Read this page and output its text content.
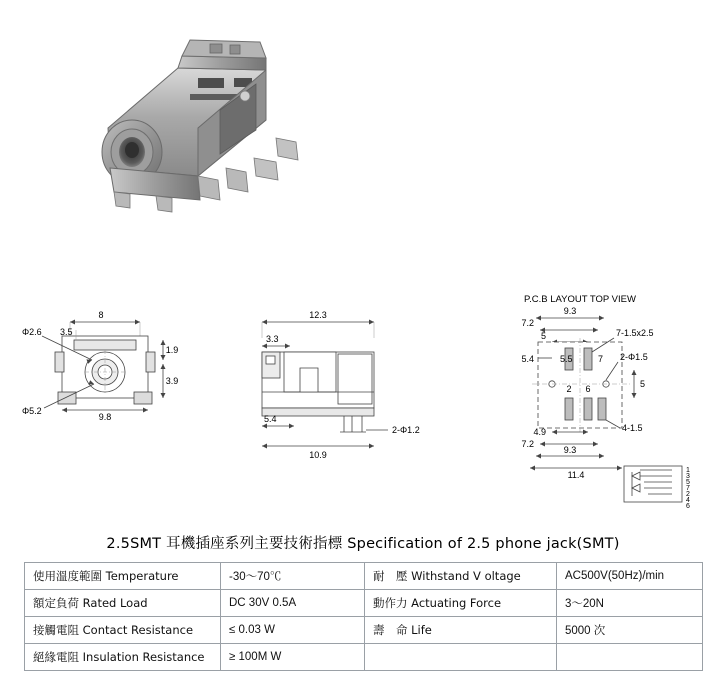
8
Φ2.6 3.5
Φ5.2
9.8
1.9
3.9
12.3
3.3
5.4
2-Φ1.2
10.9
P.C.B LAYOUT TOP VIEW
9.3
7.2
5	7-1.5x2.5
2-Φ1.5
4-1.5
5.4	5.5	7
5
2 6
4.9
7.2
9.3
11.4	1
3
5
7
2
4
6
2.5SMT 耳機插座系列主要技術指標 Specification of 2.5 phone jack(SMT)
使用溫度範圍 Temperature	-30～70℃	耐　壓 Withstand V oltage	AC500V(50Hz)/min
額定負荷 Rated Load	DC 30V 0.5A	動作力 Actuating Force	3～20N
接觸電阻 Contact Resistance	≤ 0.03 W	壽　命 Life	5000 次
絕緣電阻 Insulation Resistance	≥ 100M W		
